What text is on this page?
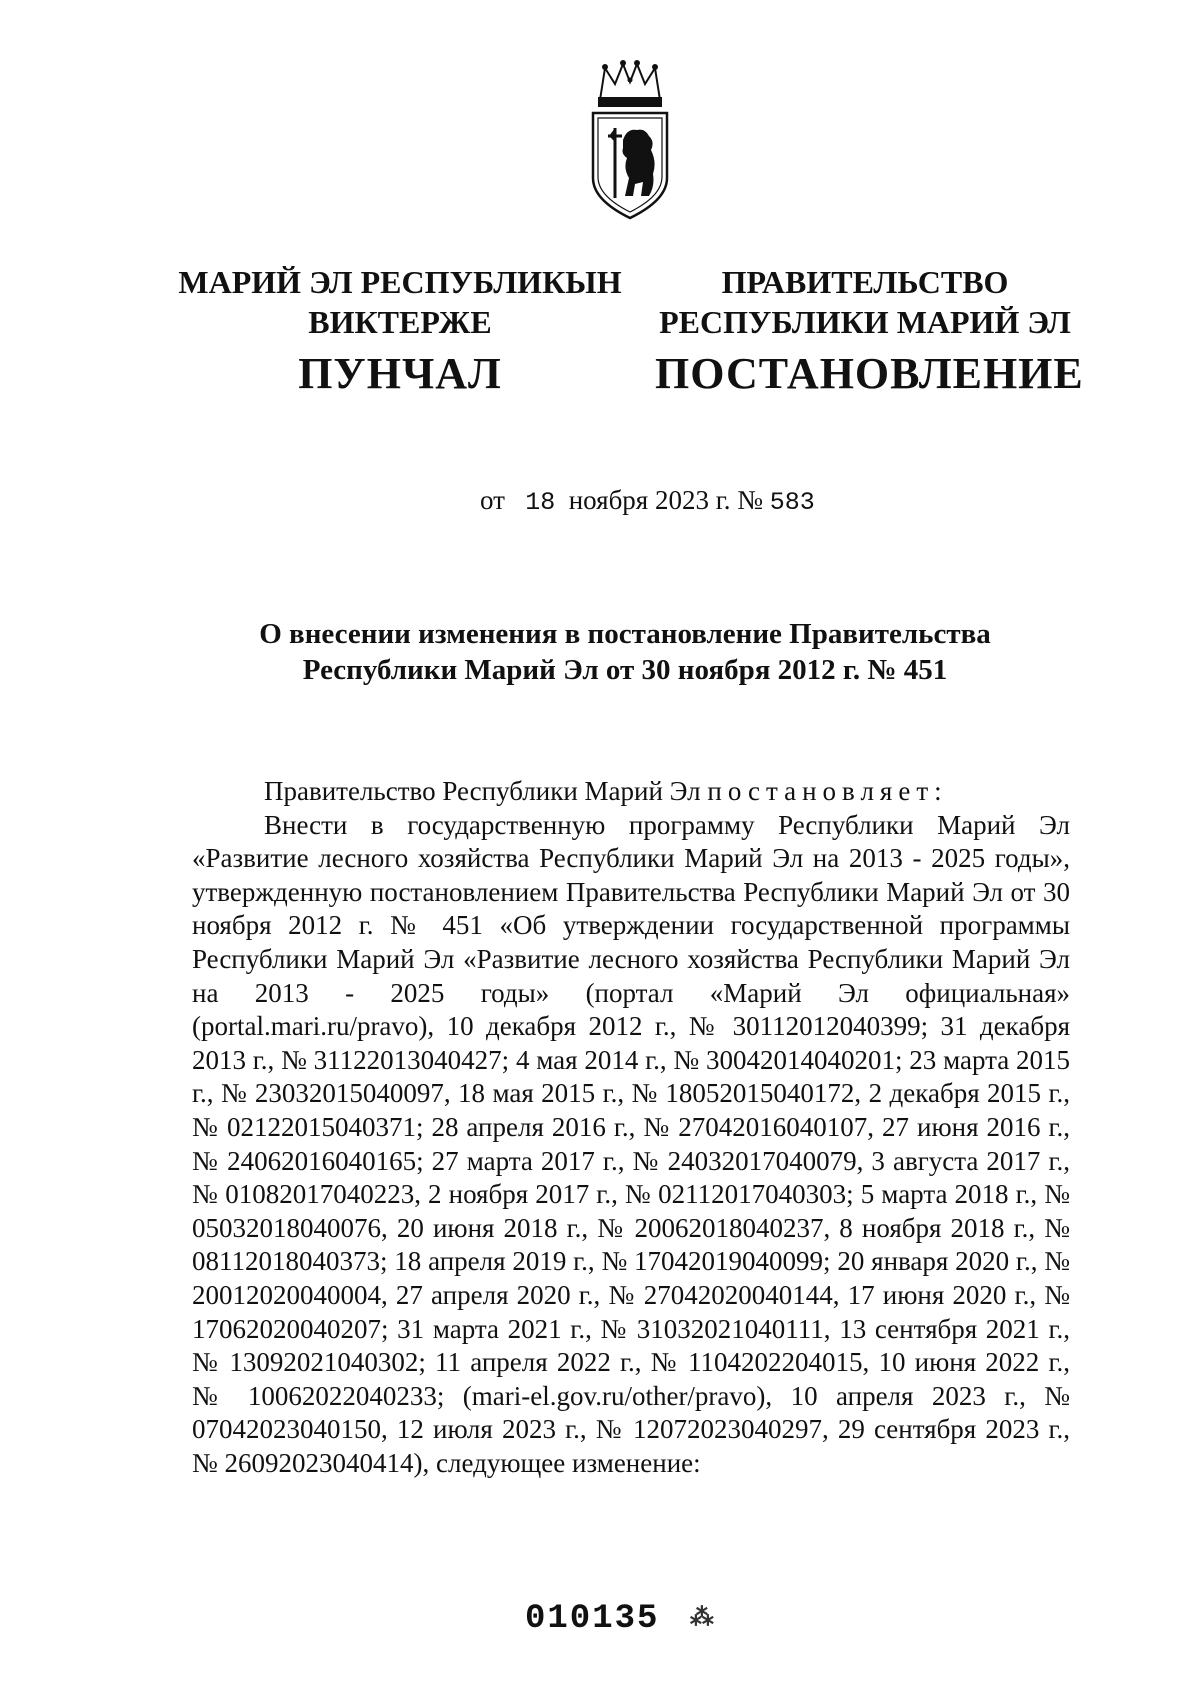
МАРИЙ ЭЛ РЕСПУБЛИКЫН
ВИКТЕРЖЕ
ПУНЧАЛ
ПРАВИТЕЛЬСТВО
РЕСПУБЛИКИ МАРИЙ ЭЛ
ПОСТАНОВЛЕНИЕ
от 18 ноября 2023 г. № 583
О внесении изменения в постановление Правительства
Республики Марий Эл от 30 ноября 2012 г. № 451

Правительство Республики Марий Эл постановляет:

Внести в государственную программу Республики Марий Эл «Развитие лесного хозяйства Республики Марий Эл на 2013 - 2025 годы», утвержденную постановлением Правительства Республики Марий Эл от 30 ноября 2012 г. № 451 «Об утверждении государственной программы Республики Марий Эл «Развитие лесного хозяйства Республики Марий Эл на 2013 - 2025 годы» (портал «Марий Эл официальная» (portal.mari.ru/pravo), 10 декабря 2012 г., № 30112012040399; 31 декабря 2013 г., № 31122013040427; 4 мая 2014 г., № 30042014040201; 23 марта 2015 г., № 23032015040097, 18 мая 2015 г., № 18052015040172, 2 декабря 2015 г., № 02122015040371; 28 апреля 2016 г., № 27042016040107, 27 июня 2016 г., № 24062016040165; 27 марта 2017 г., № 24032017040079, 3 августа 2017 г., № 01082017040223, 2 ноября 2017 г., № 02112017040303; 5 марта 2018 г., № 05032018040076, 20 июня 2018 г., № 20062018040237, 8 ноября 2018 г., № 08112018040373; 18 апреля 2019 г., № 17042019040099; 20 января 2020 г., № 20012020040004, 27 апреля 2020 г., № 27042020040144, 17 июня 2020 г., № 17062020040207; 31 марта 2021 г., № 31032021040111, 13 сентября 2021 г., № 13092021040302; 11 апреля 2022 г., № 1104202204015, 10 июня 2022 г., № 10062022040233; (mari-el.gov.ru/other/pravo), 10 апреля 2023 г., № 07042023040150, 12 июля 2023 г., № 12072023040297, 29 сентября 2023 г., № 26092023040414), следующее изменение:

010135 ⁂
